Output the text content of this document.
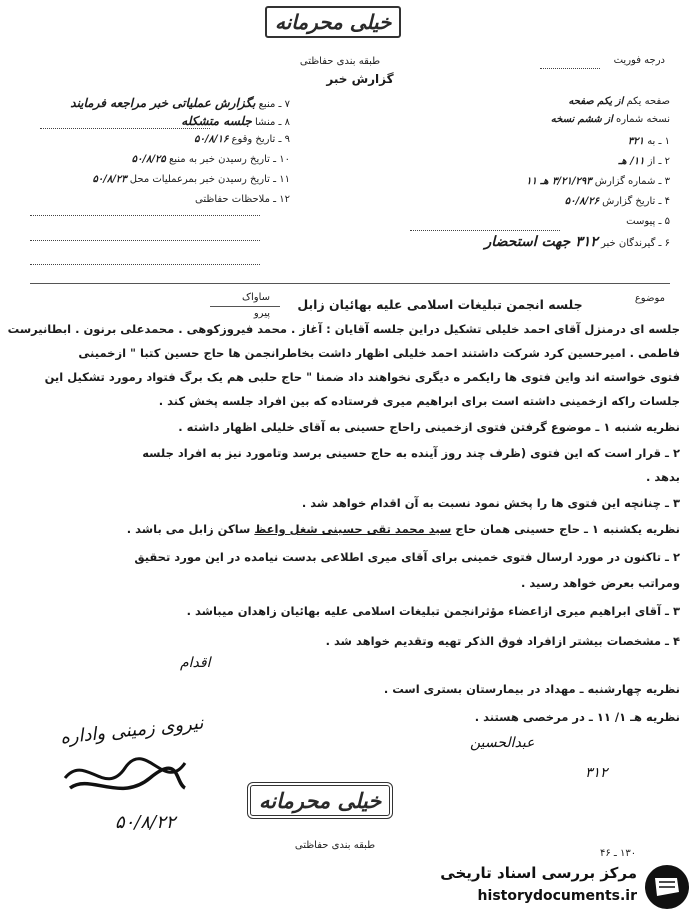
خیلی محرمانه
طبقه بندی حفاظتی
گزارش خبر
درجه فوریت
۷ ـ منبع بگزارش عملیاتی خبر مراجعه فرمایند
۸ ـ منشا جلسه متشکله
۹ ـ تاریخ وقوع ۵۰/۸/۱۶
۱۰ ـ تاریخ رسیدن خبر به منبع ۵۰/۸/۲۵
۱۱ ـ تاریخ رسیدن خبر بمرعملیات محل ۵۰/۸/۲۳
۱۲ ـ ملاحظات حفاظتی
صفحه یکم از یکم صفحه
نسخه شماره از ششم نسخه
۱ ـ به ۳۲۱
۲ ـ از ۱۱/ هـ
۳ ـ شماره گزارش ۳/۲۱/۲۹۳ هـ ۱۱
۴ ـ تاریخ گزارش ۵۰/۸/۲۶
۵ ـ پیوست
۶ ـ گیرندگان خبر ۳۱۲ جهت استحضار
موضوع
جلسه انجمن تبلیغات اسلامی علیه بهائیان زابل
ساواک
پیرو
جلسه ای درمنزل آقای احمد خلیلی تشکیل دراین جلسه آقایان : آغاز . محمد فیروزکوهی . محمدعلی برنون . ابطانیرست
فاطمی . امیرحسین کرد شرکت داشتند احمد خلیلی اظهار داشت بخاطرانجمن ها حاج حسین کتبا " ازخمینی
فتوی خواسته اند واین فتوی ها رایکمر ه دیگری نخواهند داد ضمنا " حاج حلبی هم یک برگ فتواد رمورد تشکیل این
جلسات راکه ازخمینی داشته است برای ابراهیم میری فرستاده که بین افراد جلسه پخش کند .
نظریه شنبه ۱ ـ موضوع گرفتن فتوی ازخمینی راحاج حسینی به آقای خلیلی اظهار داشته .
۲ ـ قرار است که این فتوی (ظرف چند روز آینده به حاج حسینی برسد وتامورد نیز به افراد جلسه
بدهد .
۳ ـ چنانچه این فتوی ها را پخش نمود نسبت به آن اقدام خواهد شد .
نظریه یکشنبه ۱ ـ حاج حسینی همان حاج سید محمد تقی حسینی شغل واعظ ساکن زابل می باشد .
۲ ـ تاکنون در مورد ارسال فتوی خمینی برای آقای میری اطلاعی بدست نیامده در این مورد تحقیق
ومراتب بعرض خواهد رسید .
۳ ـ آقای ابراهیم میری ازاعضاء مؤثرانجمن تبلیغات اسلامی علیه بهائیان زاهدان میباشد .
۴ ـ مشخصات بیشتر ازافراد فوق الذکر تهیه وتقدیم خواهد شد .
اقدام
نظریه چهارشنبه ـ مهداد در بیمارستان بستری است .
نظریه هـ ۱/ ۱۱ ـ در مرخصی هستند .
نیروی زمینی واداره
۵۰/۸/۲۲
عبدالحسین
۳۱۲
خیلی محرمانه
طبقه بندی حفاظتی
۱۳۰ ـ ۴۶
مرکز بررسی اسناد تاریخی
historydocuments.ir
